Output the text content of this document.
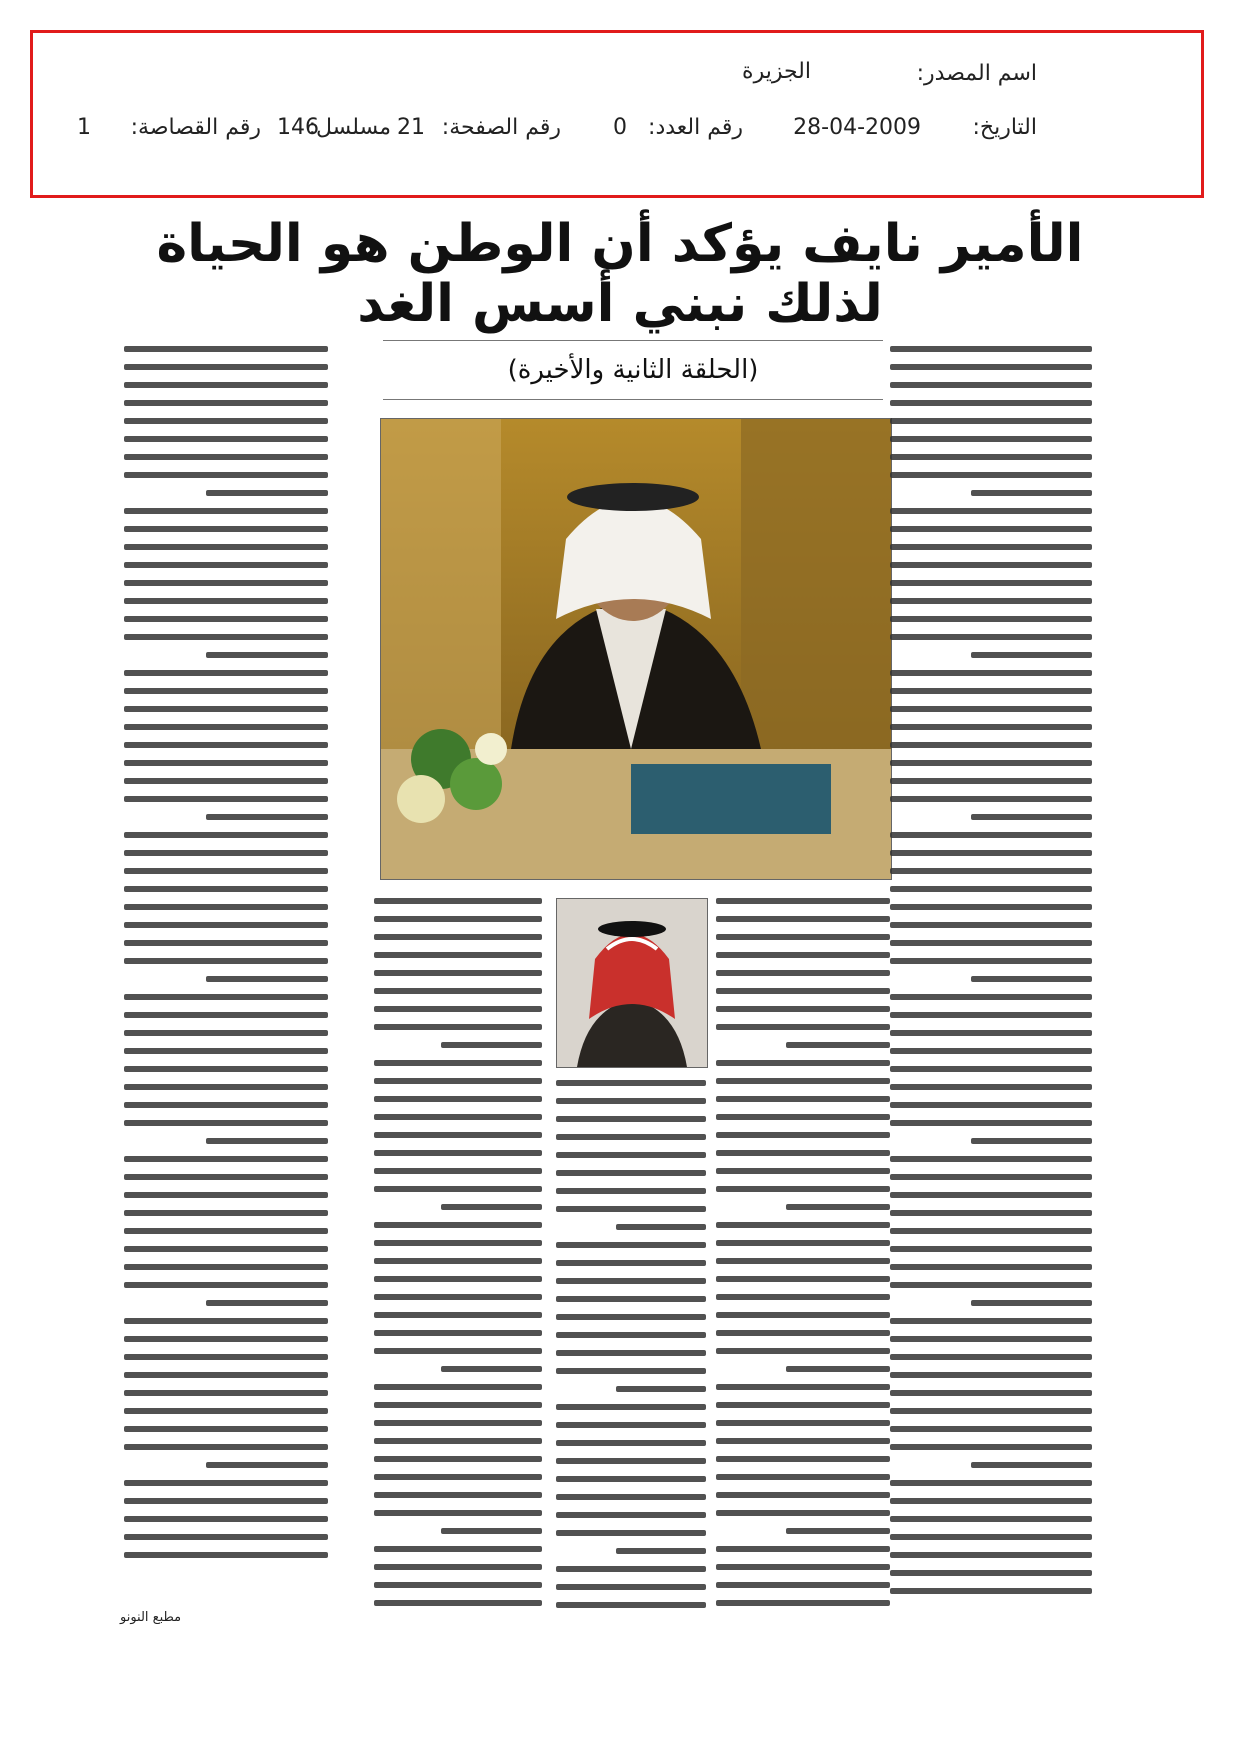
اسم المصدر:
الجزيرة
التاريخ:
28-04-2009
رقم العدد:
0
رقم الصفحة:
21
مسلسل:
146
رقم القصاصة:
1
الأمير نايف يؤكد أن الوطن هو الحياة لذلك نبني أسس الغد
(الحلقة الثانية والأخيرة)
مطبع النونو
